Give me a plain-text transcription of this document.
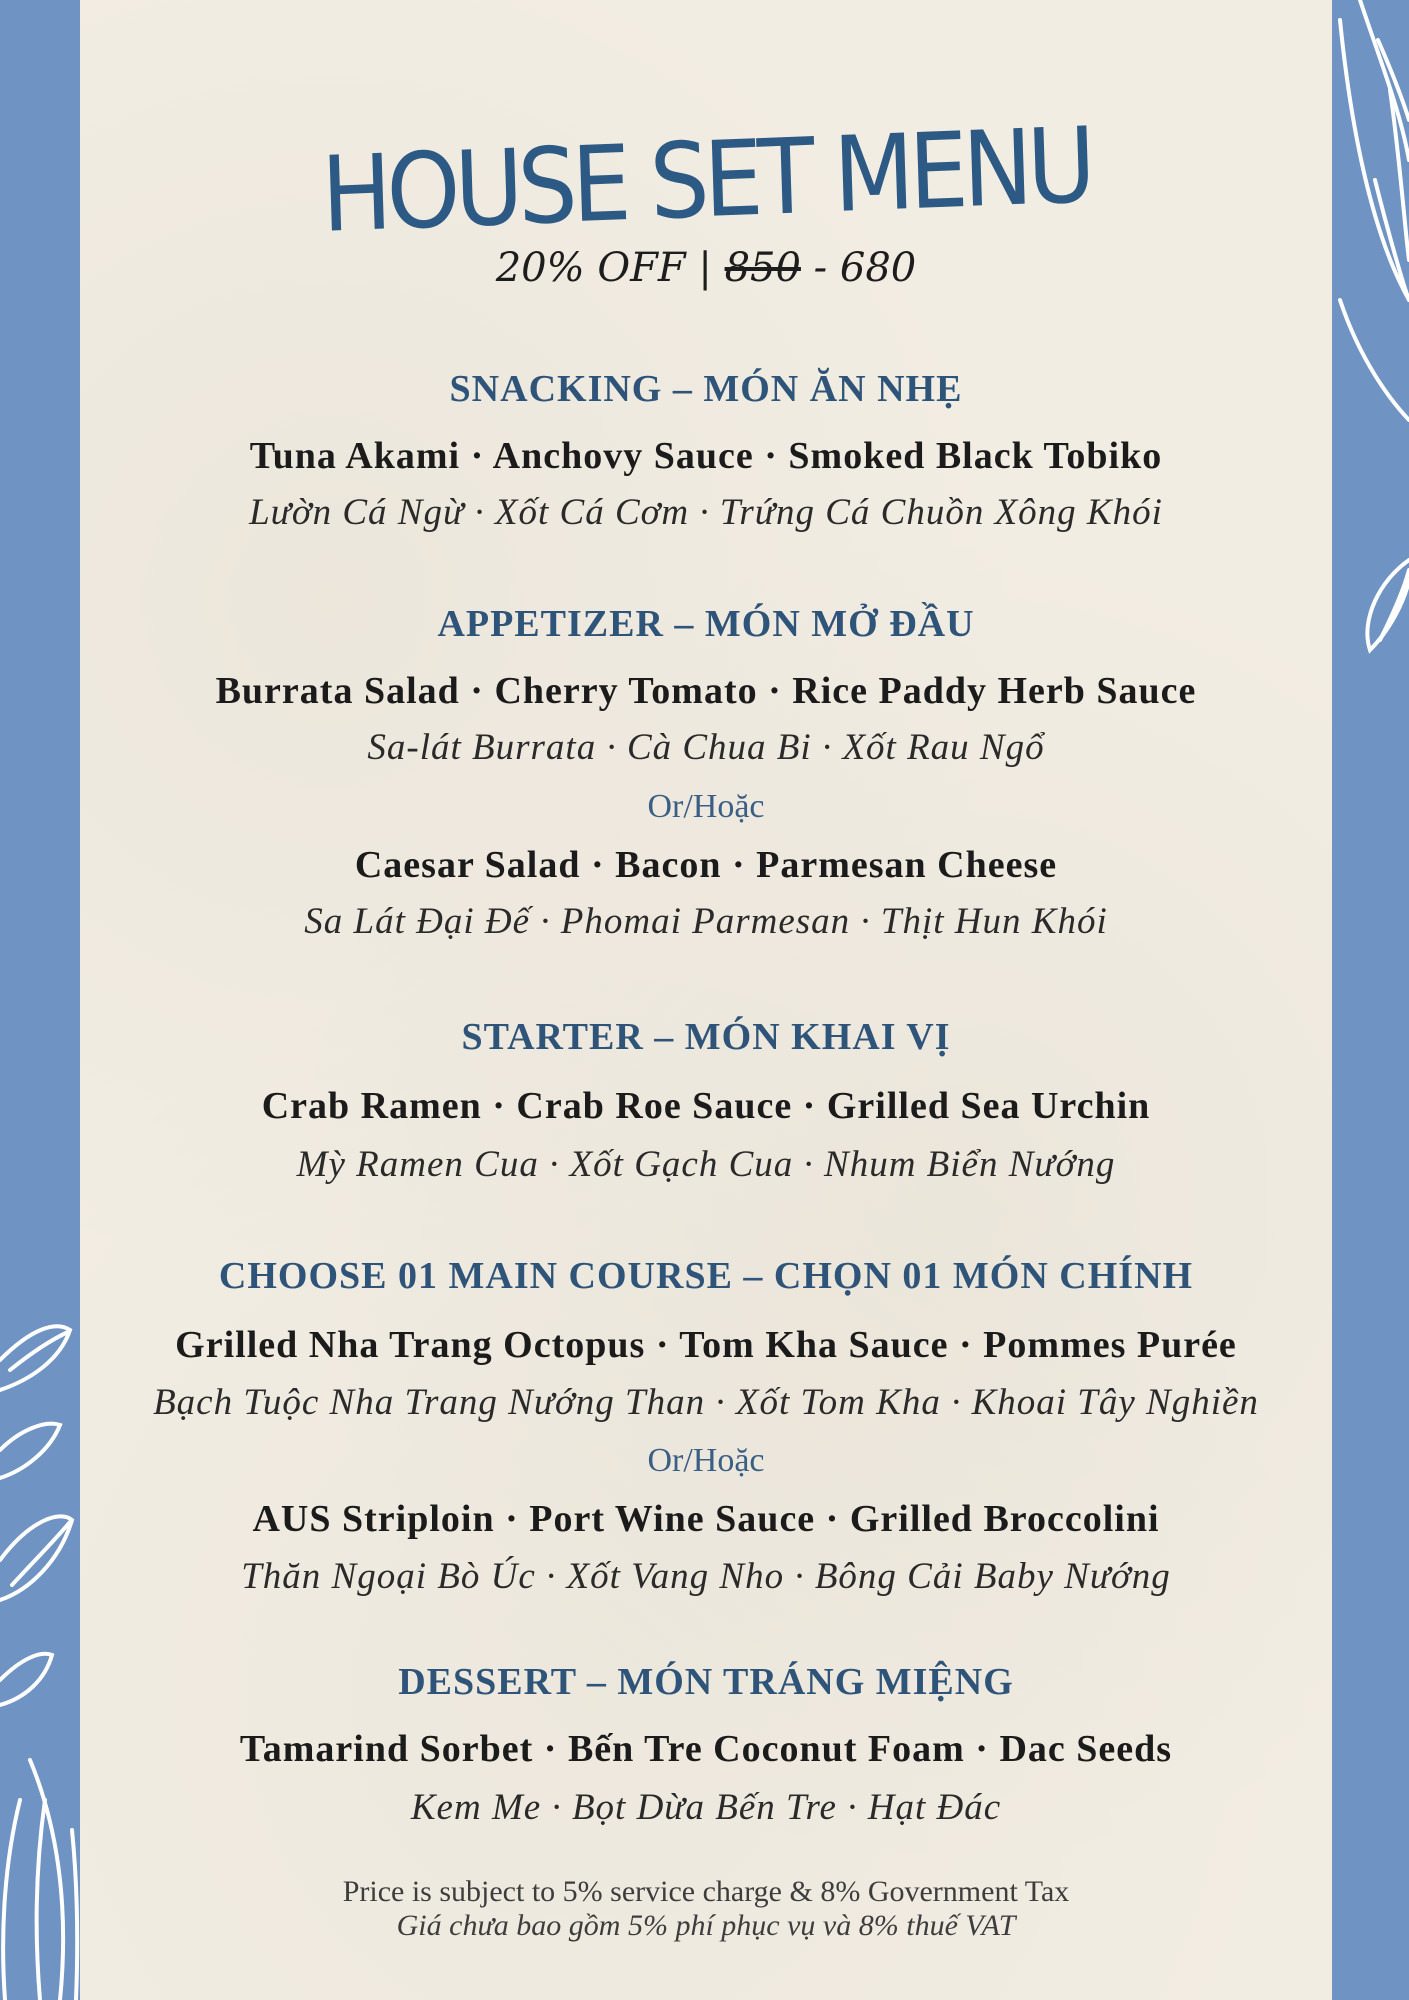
HOUSE SET MENU
20% OFF | 850 - 680
SNACKING – MÓN ĂN NHẸ
Tuna Akami · Anchovy Sauce · Smoked Black Tobiko
Lườn Cá Ngừ · Xốt Cá Cơm · Trứng Cá Chuồn Xông Khói
APPETIZER – MÓN MỞ ĐẦU
Burrata Salad · Cherry Tomato · Rice Paddy Herb Sauce
Sa-lát Burrata · Cà Chua Bi · Xốt Rau Ngổ
Or/Hoặc
Caesar Salad · Bacon · Parmesan Cheese
Sa Lát Đại Đế · Phomai Parmesan · Thịt Hun Khói
STARTER – MÓN KHAI VỊ
Crab Ramen · Crab Roe Sauce · Grilled Sea Urchin
Mỳ Ramen Cua · Xốt Gạch Cua · Nhum Biển Nướng
CHOOSE 01 MAIN COURSE – CHỌN 01 MÓN CHÍNH
Grilled Nha Trang Octopus · Tom Kha Sauce · Pommes Purée
Bạch Tuộc Nha Trang Nướng Than · Xốt Tom Kha · Khoai Tây Nghiền
Or/Hoặc
AUS Striploin · Port Wine Sauce · Grilled Broccolini
Thăn Ngoại Bò Úc · Xốt Vang Nho · Bông Cải Baby Nướng
DESSERT – MÓN TRÁNG MIỆNG
Tamarind Sorbet · Bến Tre Coconut Foam · Dac Seeds
Kem Me · Bọt Dừa Bến Tre · Hạt Đác
Price is subject to 5% service charge & 8% Government Tax
Giá chưa bao gồm 5% phí phục vụ và 8% thuế VAT
